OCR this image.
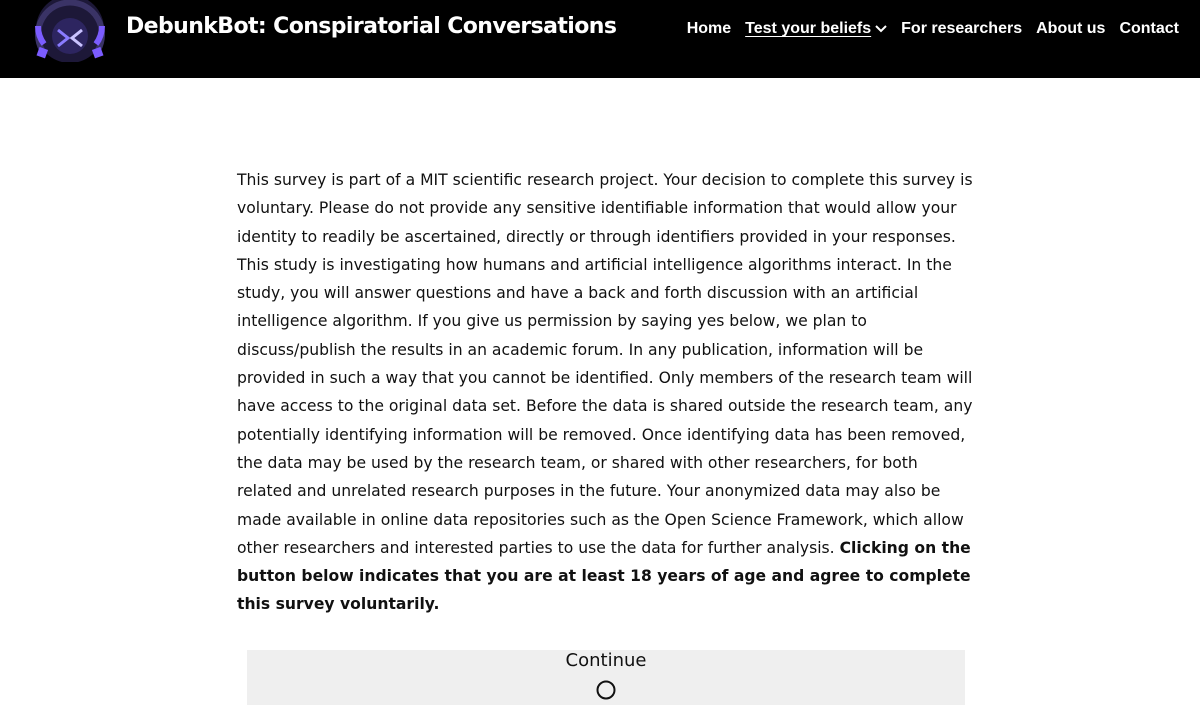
DebunkBot: Conspiratorial Conversations	Home Test your beliefs For researchers About us Contact

This survey is part of a MIT scientific research project. Your decision to complete this survey is voluntary. Please do not provide any sensitive identifiable information that would allow your identity to readily be ascertained, directly or through identifiers provided in your responses. This study is investigating how humans and artificial intelligence algorithms interact. In the study, you will answer questions and have a back and forth discussion with an artificial intelligence algorithm. If you give us permission by saying yes below, we plan to discuss/publish the results in an academic forum. In any publication, information will be provided in such a way that you cannot be identified. Only members of the research team will have access to the original data set. Before the data is shared outside the research team, any potentially identifying information will be removed. Once identifying data has been removed, the data may be used by the research team, or shared with other researchers, for both related and unrelated research purposes in the future. Your anonymized data may also be made available in online data repositories such as the Open Science Framework, which allow other researchers and interested parties to use the data for further analysis. Clicking on the button below indicates that you are at least 18 years of age and agree to complete this survey voluntarily.

Continue
